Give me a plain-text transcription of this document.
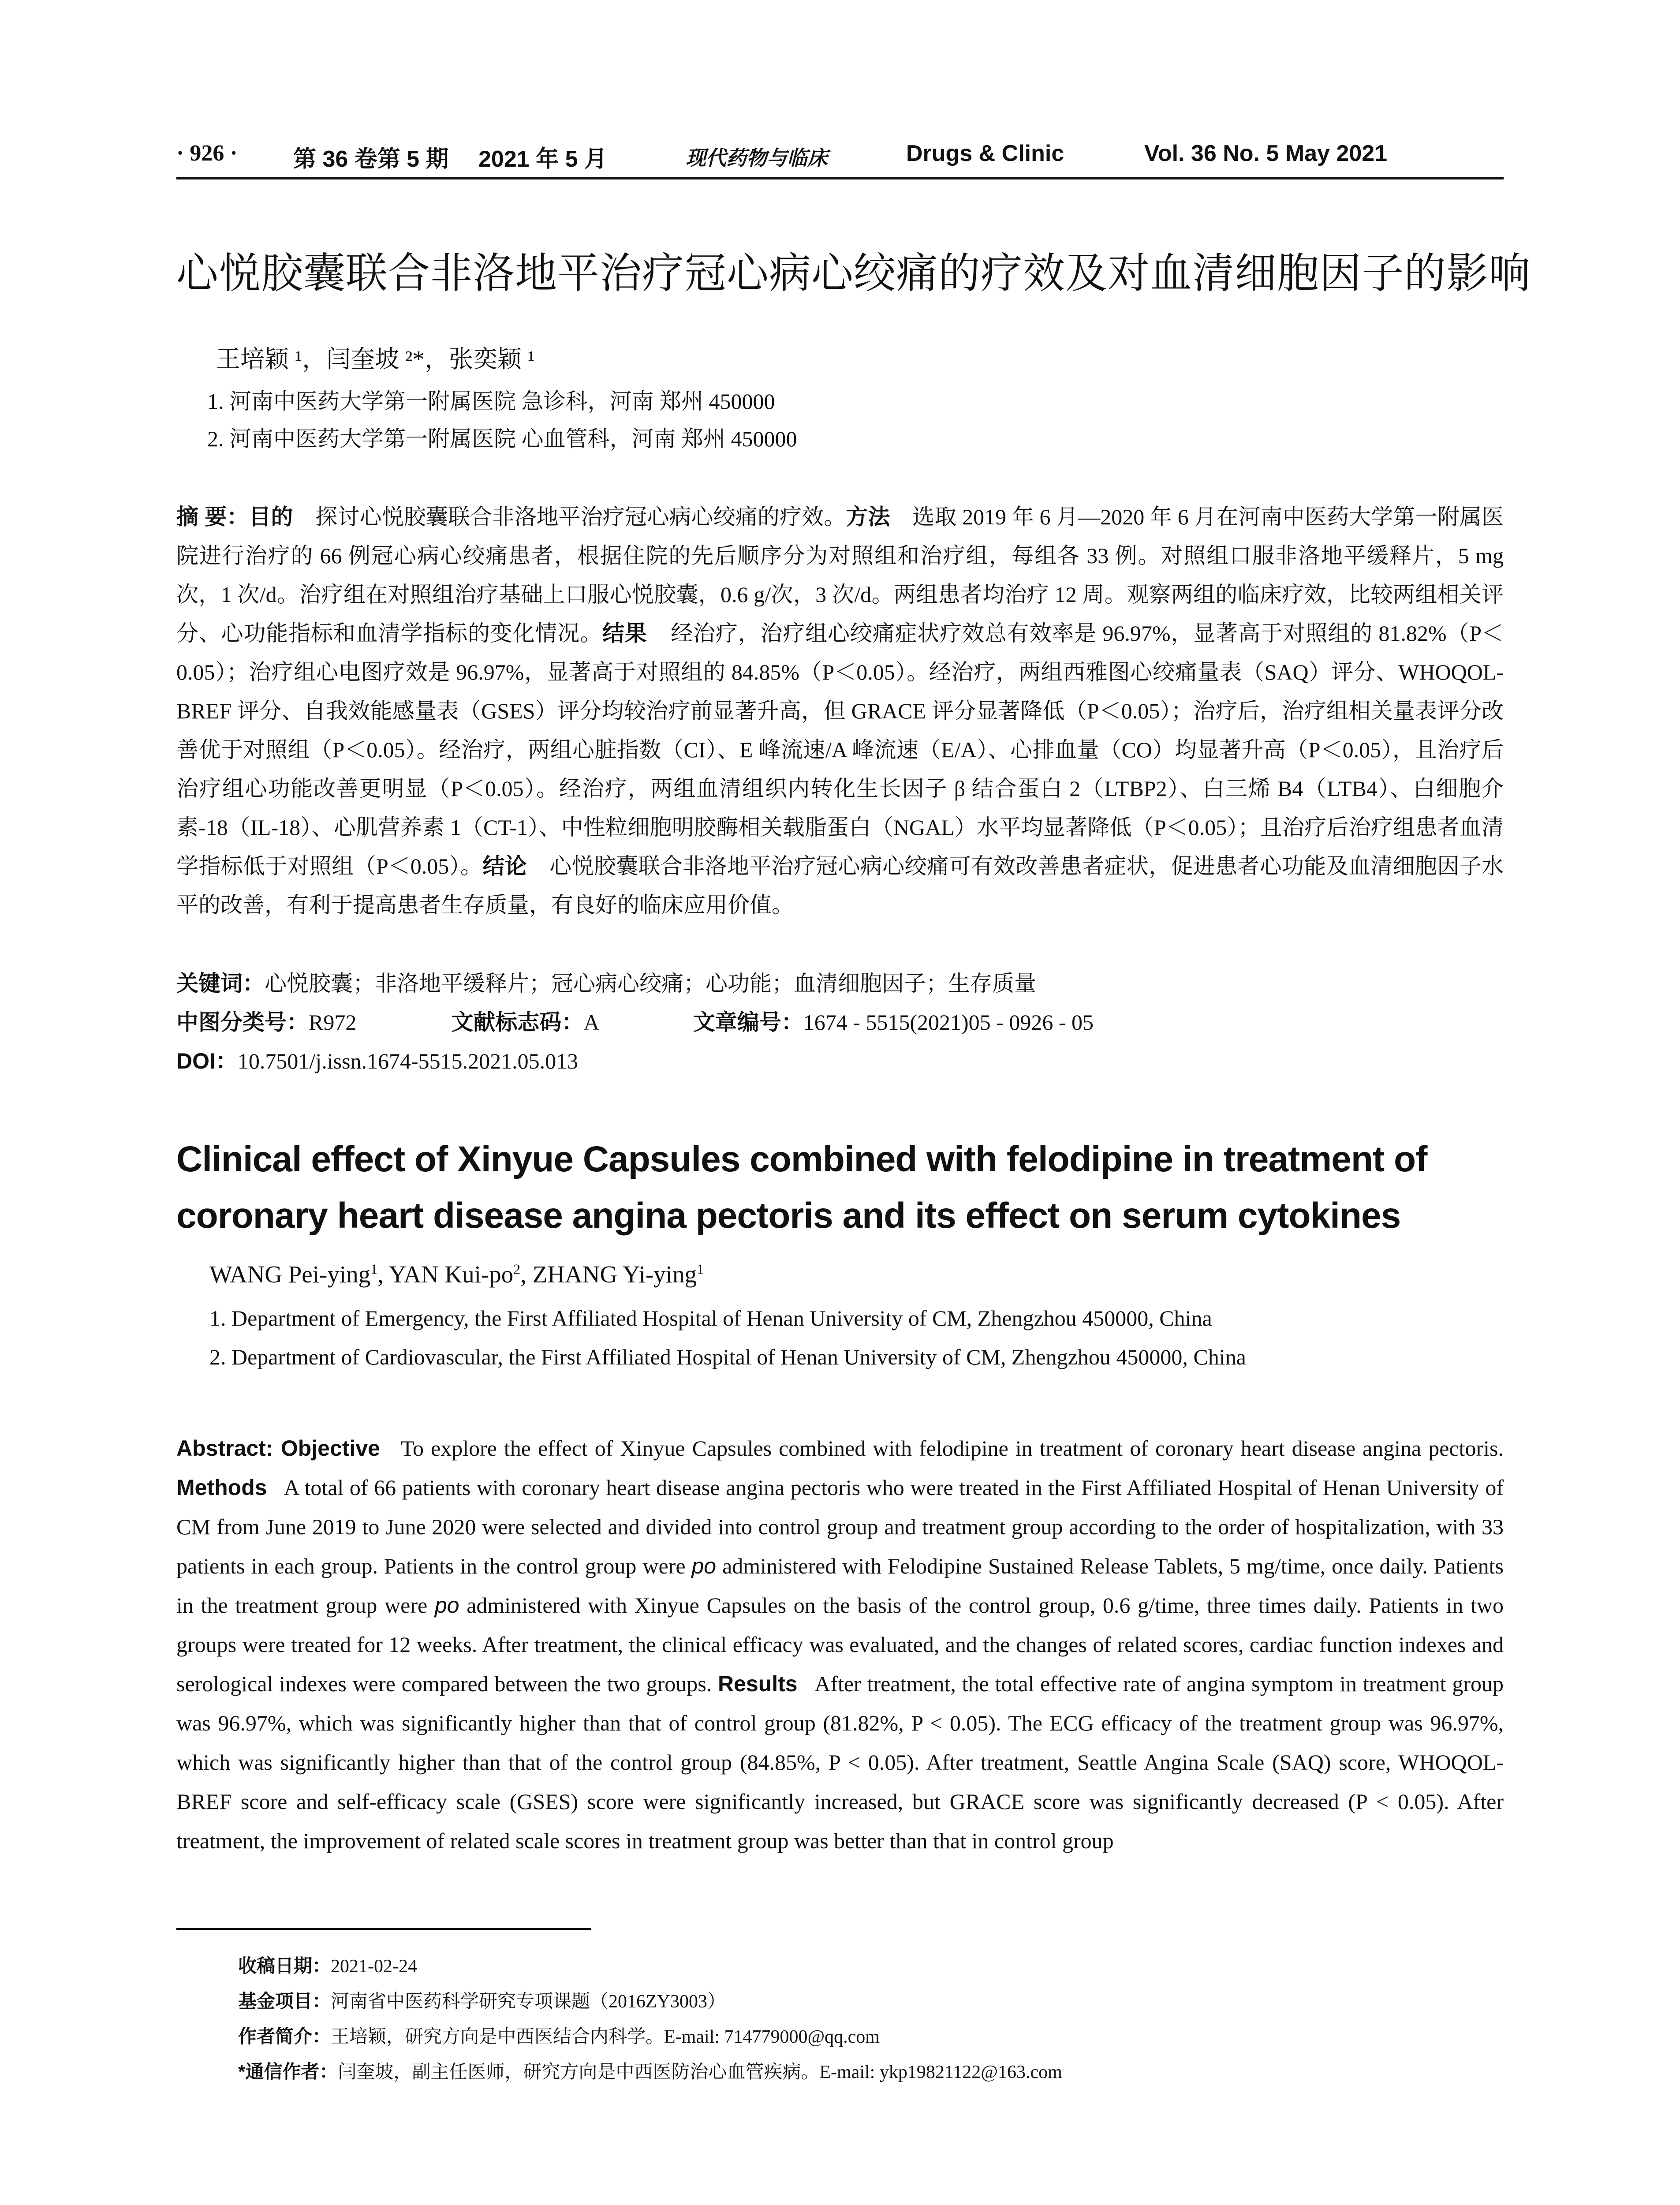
· 926 · 第 36 卷第 5 期 2021 年 5 月	现代药物与临床	Drugs & Clinic	Vol. 36 No. 5 May 2021
心悦胶囊联合非洛地平治疗冠心病心绞痛的疗效及对血清细胞因子的影响
王培颖 ¹，闫奎坡 ²*，张奕颖 ¹
1. 河南中医药大学第一附属医院 急诊科，河南 郑州 450000
2. 河南中医药大学第一附属医院 心血管科，河南 郑州 450000
摘 要：目的 探讨心悦胶囊联合非洛地平治疗冠心病心绞痛的疗效。方法 选取 2019 年 6 月—2020 年 6 月在河南中医药大学第一附属医院进行治疗的 66 例冠心病心绞痛患者，根据住院的先后顺序分为对照组和治疗组，每组各 33 例。对照组口服非洛地平缓释片，5 mg 次，1 次/d。治疗组在对照组治疗基础上口服心悦胶囊，0.6 g/次，3 次/d。两组患者均治疗 12 周。观察两组的临床疗效，比较两组相关评分、心功能指标和血清学指标的变化情况。结果 经治疗，治疗组心绞痛症状疗效总有效率是 96.97%，显著高于对照组的 81.82%（P＜0.05）；治疗组心电图疗效是 96.97%，显著高于对照组的 84.85%（P＜0.05）。经治疗，两组西雅图心绞痛量表（SAQ）评分、WHOQOL-BREF 评分、自我效能感量表（GSES）评分均较治疗前显著升高，但 GRACE 评分显著降低（P＜0.05）；治疗后，治疗组相关量表评分改善优于对照组（P＜0.05）。经治疗，两组心脏指数（CI）、E 峰流速/A 峰流速（E/A）、心排血量（CO）均显著升高（P＜0.05），且治疗后治疗组心功能改善更明显（P＜0.05）。经治疗，两组血清组织内转化生长因子 β 结合蛋白 2（LTBP2）、白三烯 B4（LTB4）、白细胞介素-18（IL-18）、心肌营养素 1（CT-1）、中性粒细胞明胶酶相关载脂蛋白（NGAL）水平均显著降低（P＜0.05）；且治疗后治疗组患者血清学指标低于对照组（P＜0.05）。结论 心悦胶囊联合非洛地平治疗冠心病心绞痛可有效改善患者症状，促进患者心功能及血清细胞因子水平的改善，有利于提高患者生存质量，有良好的临床应用价值。
关键词：心悦胶囊；非洛地平缓释片；冠心病心绞痛；心功能；血清细胞因子；生存质量
中图分类号：R972	文献标志码：A	文章编号：1674 - 5515(2021)05 - 0926 - 05
DOI：10.7501/j.issn.1674-5515.2021.05.013
Clinical effect of Xinyue Capsules combined with felodipine in treatment of coronary heart disease angina pectoris and its effect on serum cytokines
WANG Pei-ying$^1$, YAN Kui-$po^2$, ZHANG Yi-ying$^1$
1. Department of Emergency, the First Affiliated Hospital of Henan University of CM, Zhengzhou 450000, China
2. Department of Cardiovascular, the First Affiliated Hospital of Henan University of CM, Zhengzhou 450000, China
Abstract: Objective To explore the effect of Xinyue Capsules combined with felodipine in treatment of coronary heart disease angina pectoris. Methods A total of 66 patients with coronary heart disease angina pectoris who were treated in the First Affiliated Hospital of Henan University of CM from June 2019 to June 2020 were selected and divided into control group and treatment group according to the order of hospitalization, with 33 patients in each group. Patients in the control group were po administered with Felodipine Sustained Release Tablets, 5 mg/time, once daily. Patients in the treatment group were po administered with Xinyue Capsules on the basis of the control group, 0.6 g/time, three times daily. Patients in two groups were treated for 12 weeks. After treatment, the clinical efficacy was evaluated, and the changes of related scores, cardiac function indexes and serological indexes were compared between the two groups. Results After treatment, the total effective rate of angina symptom in treatment group was 96.97%, which was significantly higher than that of control group (81.82%, P < 0.05). The ECG efficacy of the treatment group was 96.97%, which was significantly higher than that of the control group (84.85%, P < 0.05). After treatment, Seattle Angina Scale (SAQ) score, WHOQOL-BREF score and self-efficacy scale (GSES) score were significantly increased, but GRACE score was significantly decreased (P < 0.05). After treatment, the improvement of related scale scores in treatment group was better than that in control group
收稿日期：2021-02-24
基金项目：河南省中医药科学研究专项课题（2016ZY3003）
作者简介：王培颖，研究方向是中西医结合内科学。E-mail: 714779000@qq.com
*通信作者：闫奎坡，副主任医师，研究方向是中西医防治心血管疾病。E-mail: ykp19821122@163.com
